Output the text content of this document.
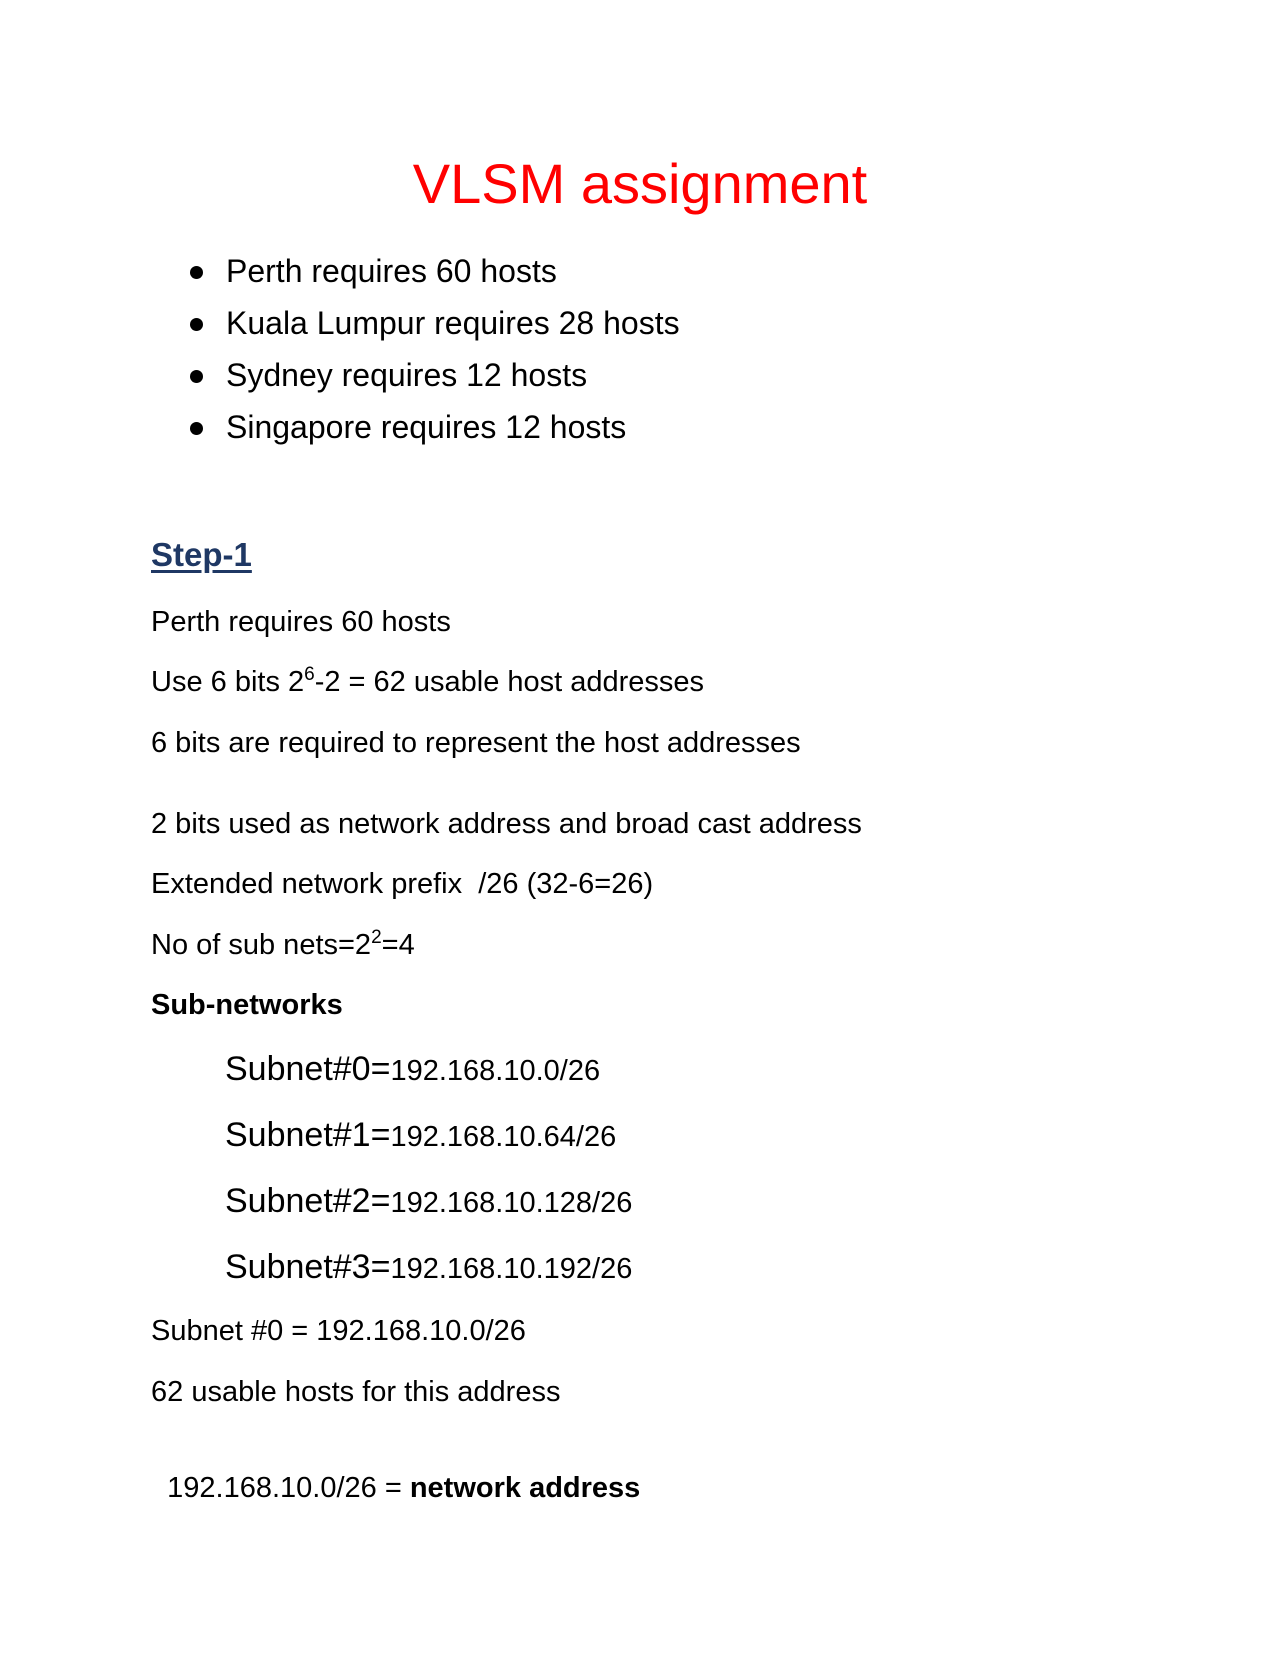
VLSM assignment
Perth requires 60 hosts
Kuala Lumpur requires 28 hosts
Sydney requires 12 hosts
Singapore requires 12 hosts
Step-1
Perth requires 60 hosts
Use 6 bits $2^6-2 = 62$ usable host addresses
6 bits are required to represent the host addresses
2 bits used as network address and broad cast address
Extended network prefix  /26 (32-6=26)
No of sub $nets=2^2=4$
Sub-networks
Subnet#0=192.168.10.0/26
Subnet#1=192.168.10.64/26
Subnet#2=192.168.10.128/26
Subnet#3=192.168.10.192/26
Subnet #0 = 192.168.10.0/26
62 usable hosts for this address

192.168.10.0/26 = network address
